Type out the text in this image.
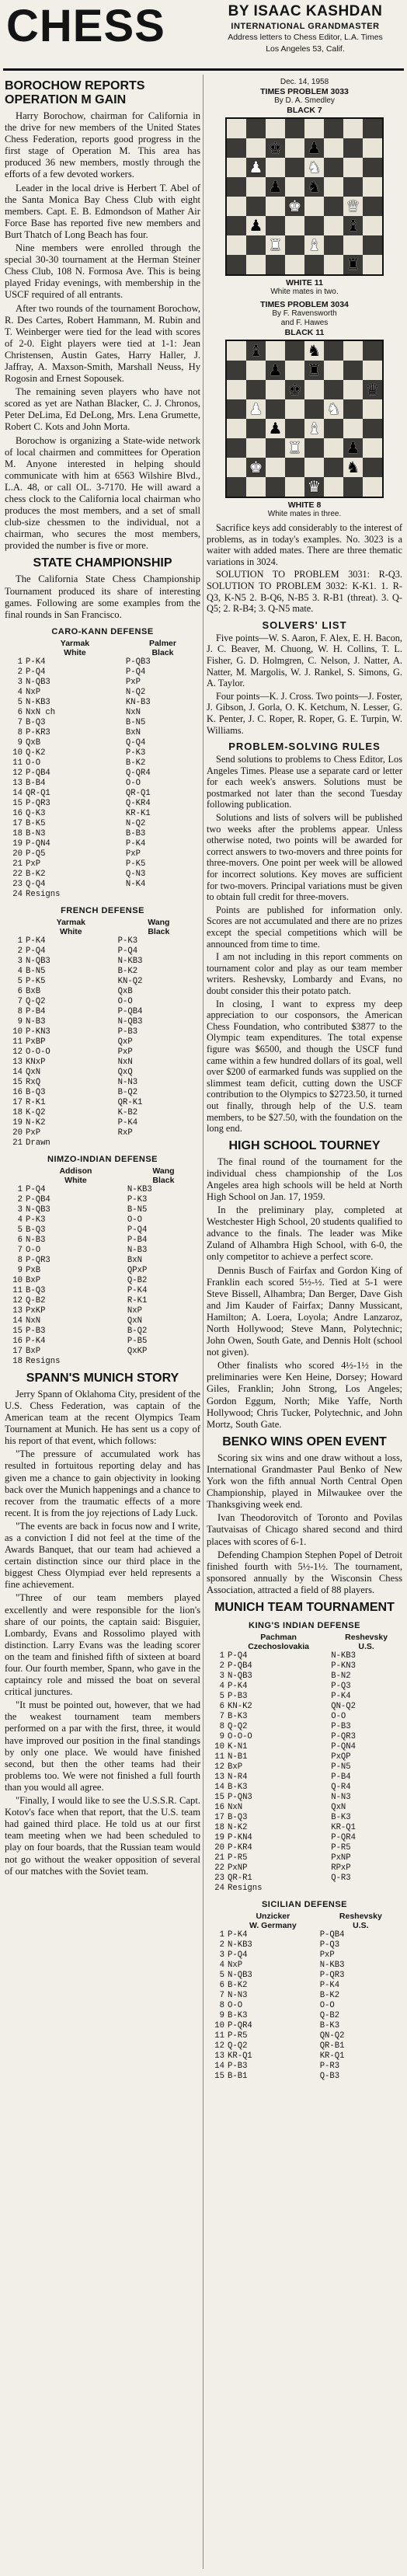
CHESS	BY ISAAC KASHDAN
INTERNATIONAL GRANDMASTER
Address letters to Chess Editor, L.A. Times
Los Angeles 53, Calif.
BOROCHOW REPORTS OPERATION M GAIN

Harry Borochow, chairman for California in the drive for new members of the United States Chess Federation, reports good progress in the first stage of Operation M. This area has produced 36 new members, mostly through the efforts of a few devoted workers.

Leader in the local drive is Herbert T. Abel of the Santa Monica Bay Chess Club with eight members. Capt. E. B. Edmondson of Mather Air Force Base has reported five new members and Burt Thatch of Long Beach has four.

Nine members were enrolled through the special 30-30 tournament at the Herman Steiner Chess Club, 108 N. Formosa Ave. This is being played Friday evenings, with membership in the USCF required of all entrants.

After two rounds of the tournament Borochow, R. Des Cartes, Robert Hammann, M. Rubin and T. Weinberger were tied for the lead with scores of 2-0. Eight players were tied at 1-1: Jean Christensen, Austin Gates, Harry Haller, J. Jaffray, A. Maxson-Smith, Marshall Neuss, Hy Rogosin and Ernest Sopousek.

The remaining seven players who have not scored as yet are Nathan Blacker, C. J. Chronos, Peter DeLima, Ed DeLong, Mrs. Lena Grumette, Robert C. Kots and John Morta.

Borochow is organizing a State-wide network of local chairmen and committees for Operation M. Anyone interested in helping should communicate with him at 6563 Wilshire Blvd., L.A. 48, or call OL. 3-7170. He will award a chess clock to the California local chairman who produces the most members, and a set of small club-size chessmen to the individual, not a chairman, who secures the most members, provided the number is five or more.

STATE CHAMPIONSHIP

The California State Chess Championship Tournament produced its share of interesting games. Following are some examples from the final rounds in San Francisco.

CARO-KANN DEFENSE
	Yarmak	Palmer
	White	Black
1	P-K4	P-QB3
2	P-Q4	P-Q4
3	N-QB3	PxP
4	NxP	N-Q2
5	N-KB3	KN-B3
6	NxN ch	NxN
7	B-Q3	B-N5
8	P-KR3	BxN
9	QxB	Q-Q4
10	Q-K2	P-K3
11	O-O	B-K2
12	P-QB4	Q-QR4
13	B-B4	O-O
14	QR-Q1	QR-Q1
15	P-QR3	Q-KR4
16	Q-K3	KR-K1
17	B-K5	N-Q2
18	B-N3	B-B3
19	P-QN4	P-K4
20	P-Q5	PxP
21	PxP	P-K5
22	B-K2	Q-N3
23	Q-Q4	N-K4
24	Resigns	
FRENCH DEFENSE
	Yarmak	Wang
	White	Black
1	P-K4	P-K3
2	P-Q4	P-Q4
3	N-QB3	N-KB3
4	B-N5	B-K2
5	P-K5	KN-Q2
6	BxB	QxB
7	Q-Q2	O-O
8	P-B4	P-QB4
9	N-B3	N-QB3
10	P-KN3	P-B3
11	PxBP	QxP
12	O-O-O	PxP
13	KNxP	NxN
14	QxN	QxQ
15	RxQ	N-N3
16	B-Q3	B-Q2
17	R-K1	QR-K1
18	K-Q2	K-B2
19	N-K2	P-K4
20	PxP	RxP
21	Drawn	
NIMZO-INDIAN DEFENSE
	Addison	Wang
	White	Black
1	P-Q4	N-KB3
2	P-QB4	P-K3
3	N-QB3	B-N5
4	P-K3	O-O
5	B-Q3	P-Q4
6	N-B3	P-B4
7	O-O	N-B3
8	P-QR3	BxN
9	PxB	QPxP
10	BxP	Q-B2
11	B-Q3	P-K4
12	Q-B2	R-K1
13	PxKP	NxP
14	NxN	QxN
15	P-B3	B-Q2
16	P-K4	P-B5
17	BxP	QxKP
18	Resigns	
SPANN'S MUNICH STORY

Jerry Spann of Oklahoma City, president of the U.S. Chess Federation, was captain of the American team at the recent Olympics Team Tournament at Munich. He has sent us a copy of his report of that event, which follows:

"The pressure of accumulated work has resulted in fortuitous reporting delay and has given me a chance to gain objectivity in looking back over the Munich happenings and a chance to recover from the traumatic effects of a more recent. It is from the joy rejections of Lady Luck.

"The events are back in focus now and I write, as a conviction I did not feel at the time of the Awards Banquet, that our team had achieved a certain distinction since our third place in the biggest Chess Olympiad ever held represents a fine achievement.

"Three of our team members played excellently and were responsible for the lion's share of our points, the captain said: Bisguier, Lombardy, Evans and Rossolimo played with distinction. Larry Evans was the leading scorer on the team and finished fifth of sixteen at board four. Our fourth member, Spann, who gave in the captaincy role and missed the boat on several critical junctures.

"It must be pointed out, however, that we had the weakest tournament team members performed on a par with the first, three, it would have improved our position in the final standings by only one place. We would have finished second, but then the other teams had their problems too. We were not finished a full fourth than you would all agree.

"Finally, I would like to see the U.S.S.R. Capt. Kotov's face when that report, that the U.S. team had gained third place. He told us at our first team meeting when we had been scheduled to play on four boards, that the Russian team would not go without the weaker opposition of several of our matches with the Soviet team.

Dec. 14, 1958
TIMES PROBLEM 3033
By D. A. Smedley
BLACK 7
♚ ♟
♟	♞
♟ ♞
♚	♛
♟	♝
♜ ♝
♜
WHITE 11
White mates in two.
TIMES PROBLEM 3034
By F. Ravensworth
and F. Hawes
BLACK 11
♝	♞
♟ ♜
♚	♛
♟	♞
♟ ♝
♜	♟
♚	♞
♛
WHITE 8
White mates in three.

Sacrifice keys add considerably to the interest of problems, as in today's examples. No. 3023 is a waiter with added mates. There are three thematic variations in 3024.

SOLUTION TO PROBLEM 3031: R-Q3. SOLUTION TO PROBLEM 3032: K-K1. 1. R-Q3, K-N5 2. B-Q6, N-B5 3. R-B1 (threat). 3. Q-Q5; 2. R-B4; 3. Q-N5 mate.

SOLVERS' LIST

Five points—W. S. Aaron, F. Alex, E. H. Bacon, J. C. Beaver, M. Chuong, W. H. Collins, T. L. Fisher, G. D. Holmgren, C. Nelson, J. Natter, A. Natter, M. Margolis, W. J. Rankel, S. Simons, G. A. Taylor.

Four points—K. J. Cross. Two points—J. Foster, J. Gibson, J. Gorla, O. K. Ketchum, N. Lesser, G. K. Penter, J. C. Roper, R. Roper, G. E. Turpin, W. Williams.

PROBLEM-SOLVING RULES

Send solutions to problems to Chess Editor, Los Angeles Times. Please use a separate card or letter for each week's answers. Solutions must be postmarked not later than the second Tuesday following publication.

Solutions and lists of solvers will be published two weeks after the problems appear. Unless otherwise noted, two points will be awarded for correct answers to two-movers and three points for three-movers. One point per week will be allowed for incorrect solutions. Key moves are sufficient for two-movers. Principal variations must be given to obtain full credit for three-movers.

Points are published for information only. Scores are not accumulated and there are no prizes except the special competitions which will be announced from time to time.

I am not including in this report comments on tournament color and play as our team member writers. Reshevsky, Lombardy and Evans, no doubt consider this their potato patch.

In closing, I want to express my deep appreciation to our cosponsors, the American Chess Foundation, who contributed $3877 to the Olympic team expenditures. The total expense figure was $6500, and though the USCF fund came within a few hundred dollars of its goal, well over $200 of earmarked funds was supplied on the slimmest team deficit, cutting down the USCF contribution to the Olympics to $2723.50, it turned out finally, through help of the U.S. team members, to be $27.50, with the foundation on the long end.

HIGH SCHOOL TOURNEY

The final round of the tournament for the individual chess championship of the Los Angeles area high schools will be held at North High School on Jan. 17, 1959.

In the preliminary play, completed at Westchester High School, 20 students qualified to advance to the finals. The leader was Mike Zuland of Alhambra High School, with 6-0, the only competitor to achieve a perfect score.

Dennis Busch of Fairfax and Gordon King of Franklin each scored 5½-½. Tied at 5-1 were Steve Bissell, Alhambra; Dan Berger, Dave Gish and Jim Kauder of Fairfax; Danny Mussicant, Hamilton; A. Loera, Loyola; Andre Lanzaroz, North Hollywood; Steve Mann, Polytechnic; John Owen, South Gate, and Dennis Holt (school not given).

Other finalists who scored 4½-1½ in the preliminaries were Ken Heine, Dorsey; Howard Giles, Franklin; John Strong, Los Angeles; Gordon Eggum, North; Mike Yaffe, North Hollywood; Chris Tucker, Polytechnic, and John Mortz, South Gate.

BENKO WINS OPEN EVENT

Scoring six wins and one draw without a loss, International Grandmaster Paul Benko of New York won the fifth annual North Central Open Championship, played in Milwaukee over the Thanksgiving week end.

Ivan Theodorovitch of Toronto and Povilas Tautvaisas of Chicago shared second and third places with scores of 6-1.

Defending Champion Stephen Popel of Detroit finished fourth with 5½-1½. The tournament, sponsored annually by the Wisconsin Chess Association, attracted a field of 88 players.

MUNICH TEAM TOURNAMENT
KING'S INDIAN DEFENSE
	Pachman	Reshevsky
	Czechoslovakia	U.S.
1	P-Q4	N-KB3
2	P-QB4	P-KN3
3	N-QB3	B-N2
4	P-K4	P-Q3
5	P-B3	P-K4
6	KN-K2	QN-Q2
7	B-K3	O-O
8	Q-Q2	P-B3
9	O-O-O	P-QR3
10	K-N1	P-QN4
11	N-B1	PxQP
12	BxP	P-N5
13	N-R4	P-B4
14	B-K3	Q-R4
15	P-QN3	N-N3
16	NxN	QxN
17	B-Q3	B-K3
18	N-K2	KR-Q1
19	P-KN4	P-QR4
20	P-KR4	P-R5
21	P-R5	PxNP
22	PxNP	RPxP
23	QR-R1	Q-R3
24	Resigns	
SICILIAN DEFENSE
	Unzicker	Reshevsky
	W. Germany	U.S.
1	P-K4	P-QB4
2	N-KB3	P-Q3
3	P-Q4	PxP
4	NxP	N-KB3
5	N-QB3	P-QR3
6	B-K2	P-K4
7	N-N3	B-K2
8	O-O	O-O
9	B-K3	Q-B2
10	P-QR4	B-K3
11	P-R5	QN-Q2
12	Q-Q2	QR-B1
13	KR-Q1	KR-Q1
14	P-B3	P-R3
15	B-B1	Q-B3
